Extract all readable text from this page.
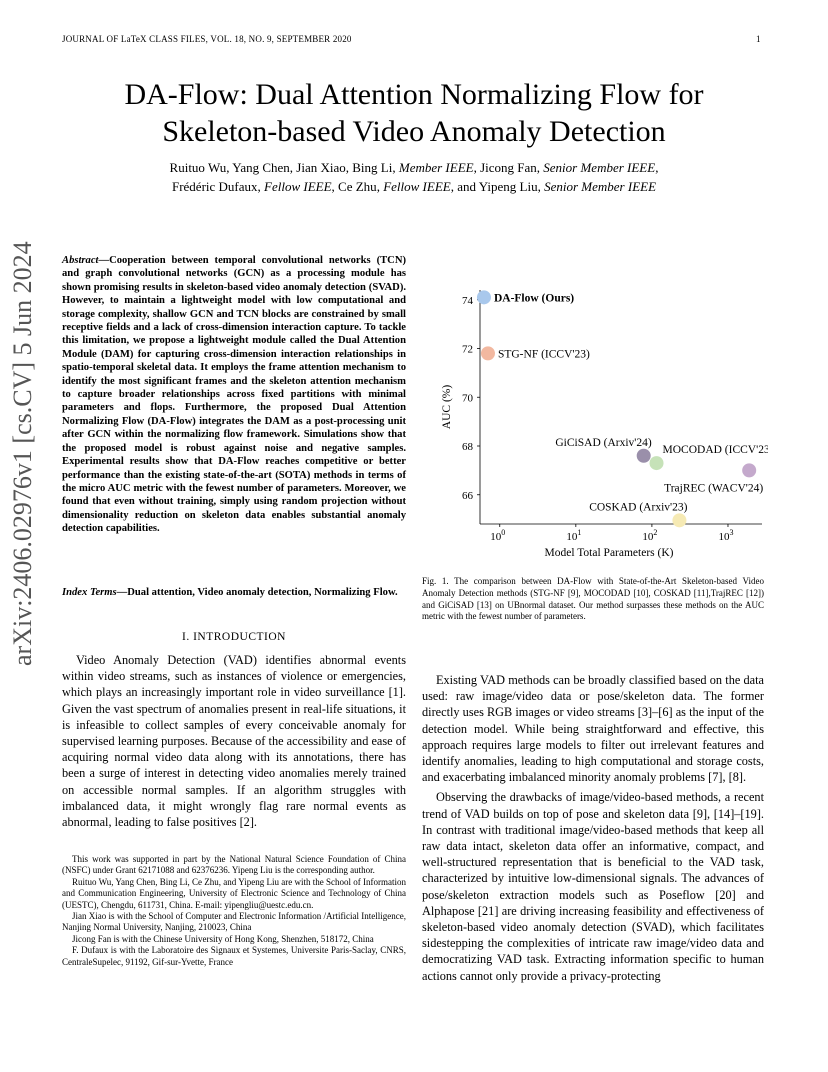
JOURNAL OF LaTeX CLASS FILES, VOL. 18, NO. 9, SEPTEMBER 2020	1
DA-Flow: Dual Attention Normalizing Flow for
Skeleton-based Video Anomaly Detection
Ruituo Wu, Yang Chen, Jian Xiao, Bing Li, Member IEEE, Jicong Fan, Senior Member IEEE,
Frédéric Dufaux, Fellow IEEE, Ce Zhu, Fellow IEEE, and Yipeng Liu, Senior Member IEEE
arXiv:2406.02976v1 [cs.CV] 5 Jun 2024 Abstract—Cooperation between temporal convolutional networks (TCN) and graph convolutional networks (GCN) as a processing module has shown promising results in skeleton-based video anomaly detection (SVAD). However, to maintain a lightweight model with low computational and storage complexity, shallow GCN and TCN blocks are constrained by small receptive fields and a lack of cross-dimension interaction capture. To tackle this limitation, we propose a lightweight module called the Dual Attention Module (DAM) for capturing cross-dimension interaction relationships in spatio-temporal skeletal data. It employs the frame attention mechanism to identify the most significant frames and the skeleton attention mechanism to capture broader relationships across fixed partitions with minimal parameters and flops. Furthermore, the proposed Dual Attention Normalizing Flow (DA-Flow) integrates the DAM as a post-processing unit after GCN within the normalizing flow framework. Simulations show that the proposed model is robust against noise and negative samples. Experimental results show that DA-Flow reaches competitive or better performance than the existing state-of-the-art (SOTA) methods in terms of the micro AUC metric with the fewest number of parameters. Moreover, we found that even without training, simply using random projection without dimensionality reduction on skeleton data enables substantial anomaly detection capabilities.
Index Terms—Dual attention, Video anomaly detection, Normalizing Flow.
I. INTRODUCTION

Video Anomaly Detection (VAD) identifies abnormal events within video streams, such as instances of violence or emergencies, which plays an increasingly important role in video surveillance [1]. Given the vast spectrum of anomalies present in real-life situations, it is infeasible to collect samples of every conceivable anomaly for supervised learning purposes. Because of the accessibility and ease of acquiring normal video data along with its annotations, there has been a surge of interest in detecting video anomalies merely trained on accessible normal samples. If an algorithm struggles with imbalanced data, it might wrongly flag rare normal events as abnormal, leading to false positives [2].

This work was supported in part by the National Natural Science Foundation of China (NSFC) under Grant 62171088 and 62376236. Yipeng Liu is the corresponding author.

Ruituo Wu, Yang Chen, Bing Li, Ce Zhu, and Yipeng Liu are with the School of Information and Communication Engineering, University of Electronic Science and Technology of China (UESTC), Chengdu, 611731, China. E-mail: yipengliu@uestc.edu.cn.

Jian Xiao is with the School of Computer and Electronic Information /Artificial Intelligence, Nanjing Normal University, Nanjing, 210023, China

Jicong Fan is with the Chinese University of Hong Kong, Shenzhen, 518172, China

F. Dufaux is with the Laboratoire des Signaux et Systemes, Universite Paris-Saclay, CNRS, CentraleSupelec, 91192, Gif-sur-Yvette, France

66
68
70
72
74
$10^0$	$10^1$	$10^2$	$10^3$
Model Total Parameters (K)
AUC (%)
DA-Flow (Ours)
STG-NF (ICCV'23)
GiCiSAD (Arxiv'24)
MOCODAD (ICCV'23)
TrajREC (WACV'24)
COSKAD (Arxiv'23)
Fig. 1. The comparison between DA-Flow with State-of-the-Art Skeleton-based Video Anomaly Detection methods (STG-NF [9], MOCODAD [10], COSKAD [11],TrajREC [12]) and GiCiSAD [13] on UBnormal dataset. Our method surpasses these methods on the AUC metric with the fewest number of parameters.

Existing VAD methods can be broadly classified based on the data used: raw image/video data or pose/skeleton data. The former directly uses RGB images or video streams [3]–[6] as the input of the detection model. While being straightforward and effective, this approach requires large models to filter out irrelevant features and identify anomalies, leading to high computational and storage costs, and exacerbating imbalanced minority anomaly problems [7], [8].

Observing the drawbacks of image/video-based methods, a recent trend of VAD builds on top of pose and skeleton data [9], [14]–[19]. In contrast with traditional image/video-based methods that keep all raw data intact, skeleton data offer an informative, compact, and well-structured representation that is beneficial to the VAD task, characterized by intuitive low-dimensional signals. The advances of pose/skeleton extraction models such as Poseflow [20] and Alphapose [21] are driving increasing feasibility and effectiveness of skeleton-based video anomaly detection (SVAD), which facilitates sidestepping the complexities of intricate raw image/video data and democratizing VAD task. Extracting information specific to human actions cannot only provide a privacy-protecting
